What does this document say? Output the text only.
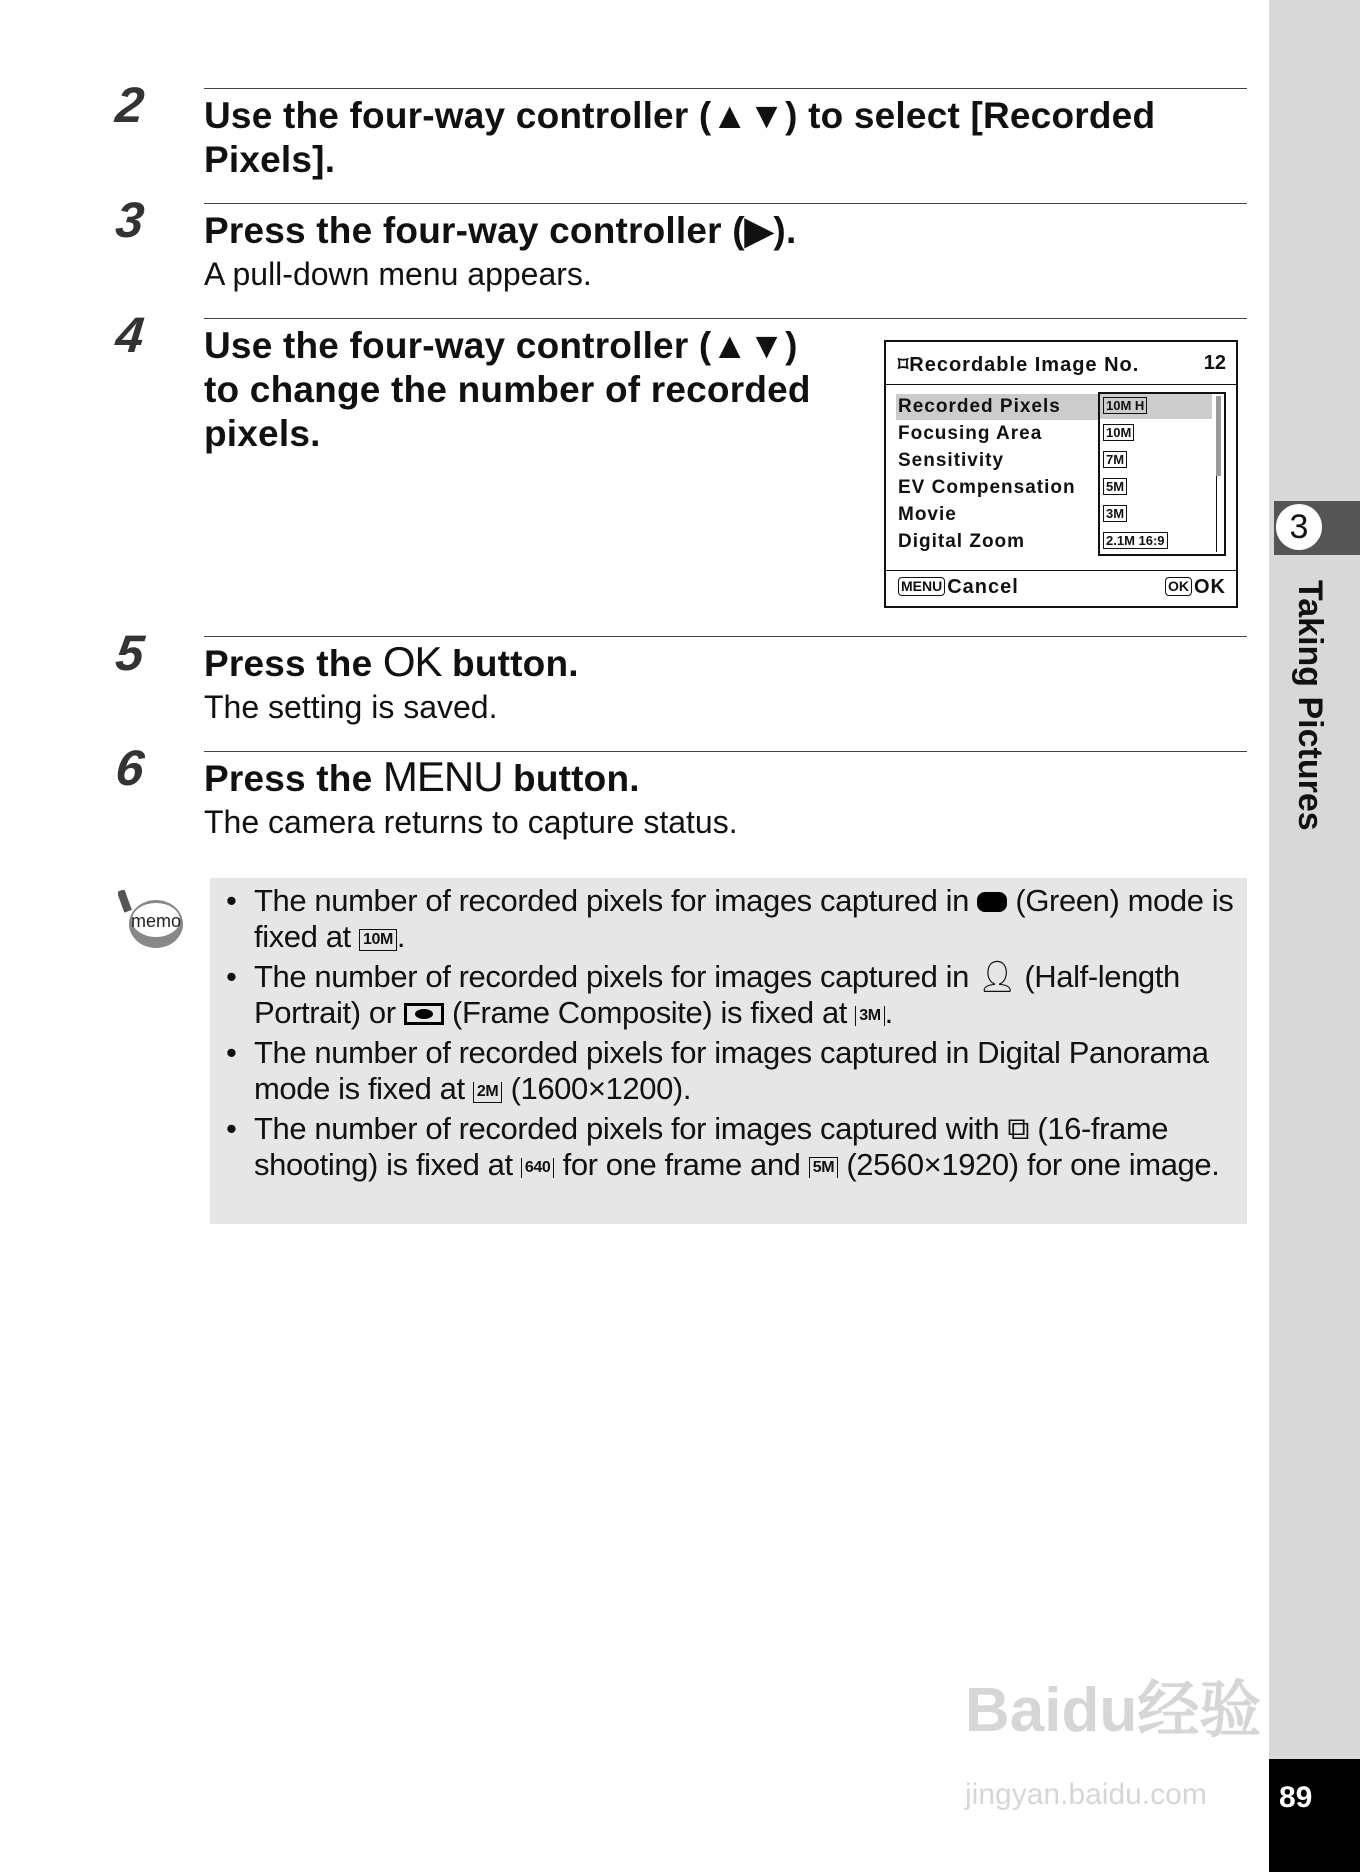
3
Taking Pictures
89
2 Use the four-way controller (▲▼) to select [Recorded
Pixels].
3 Press the four-way controller (▶).
A pull-down menu appears.
4 Use the four-way controller (▲▼)
to change the number of recorded
pixels.
⌑Recordable Image No.	12
Recorded Pixels
Focusing Area
Sensitivity
EV Compensation
Movie
Digital Zoom
10M H
10M
7M
5M
3M
2.1M 16:9
MENU Cancel	OK OK
5 Press the OK button.
The setting is saved.
6 Press the MENU button.
The camera returns to capture status.
memo
• The number of recorded pixels for images captured in  (Green) mode is fixed at 10M .
• The number of recorded pixels for images captured in 👤︎ (Half-length Portrait) or  (Frame Composite) is fixed at 3M .
• The number of recorded pixels for images captured in Digital Panorama mode is fixed at 2M (1600×1200).
• The number of recorded pixels for images captured with ⧉ (16-frame shooting) is fixed at 640 for one frame and 5M (2560×1920) for one image.
Baidu经验
jingyan.baidu.com
